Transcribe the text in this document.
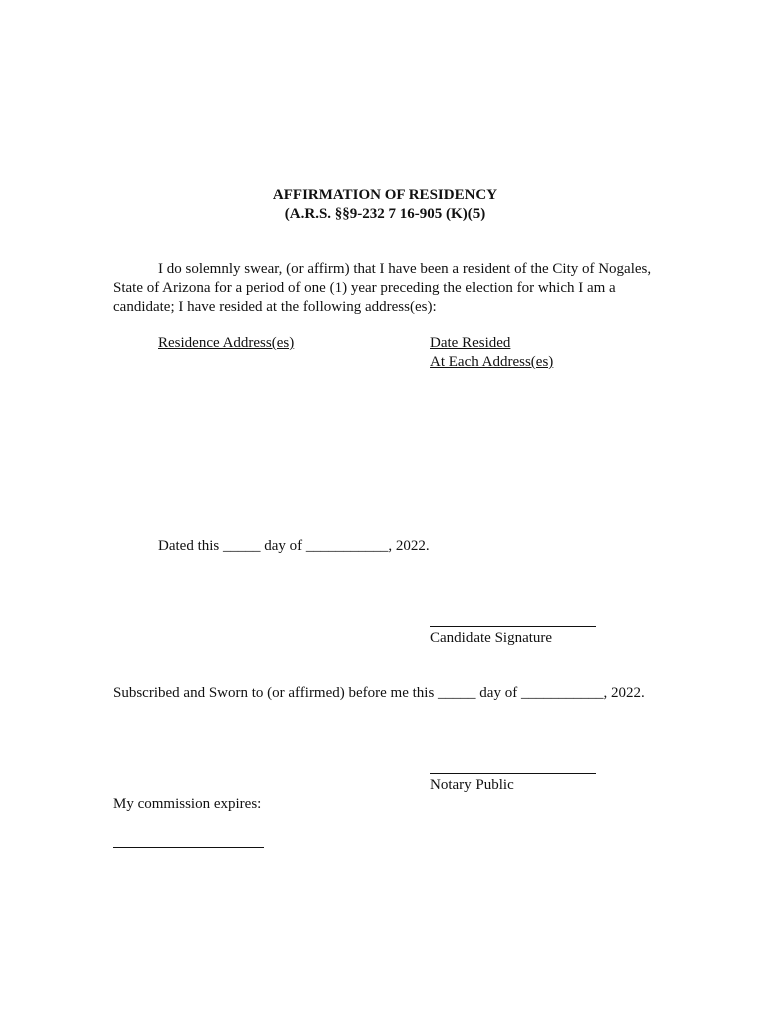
AFFIRMATION OF RESIDENCY
(A.R.S. §§9-232 7 16-905 (K)(5)
I do solemnly swear, (or affirm) that I have been a resident of the City of Nogales,
State of Arizona for a period of one (1) year preceding the election for which I am a
candidate; I have resided at the following address(es):
Residence Address(es)	Date Resided
At Each Address(es)
Dated this _____ day of ___________, 2022.
Candidate Signature
Subscribed and Sworn to (or affirmed) before me this _____ day of ___________, 2022.
Notary Public
My commission expires:
